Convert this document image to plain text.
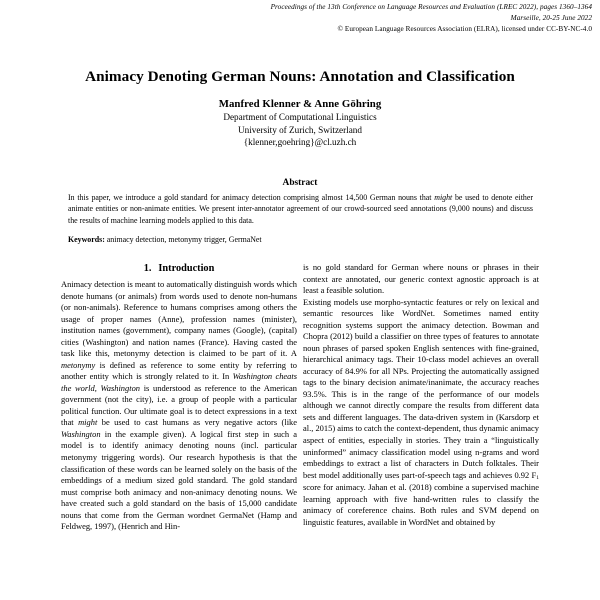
Proceedings of the 13th Conference on Language Resources and Evaluation (LREC 2022), pages 1360–1364
Marseille, 20-25 June 2022
© European Language Resources Association (ELRA), licensed under CC-BY-NC-4.0
Animacy Denoting German Nouns: Annotation and Classification
Manfred Klenner & Anne Göhring
Department of Computational Linguistics
University of Zurich, Switzerland
{klenner,goehring}@cl.uzh.ch
Abstract
In this paper, we introduce a gold standard for animacy detection comprising almost 14,500 German nouns that might be used to denote either animate entities or non-animate entities. We present inter-annotator agreement of our crowd-sourced seed annotations (9,000 nouns) and discuss the results of machine learning models applied to this data.
Keywords: animacy detection, metonymy trigger, GermaNet
1. Introduction

Animacy detection is meant to automatically distinguish words which denote humans (or animals) from words used to denote non-humans (or non-animals). Reference to humans comprises among others the usage of proper names (Anne), profession names (minister), institution names (government), company names (Google), (capital) cities (Washington) and nation names (France). Having casted the task like this, metonymy detection is claimed to be part of it. A metonymy is defined as reference to some entity by referring to another entity which is strongly related to it. In Washington cheats the world, Washington is understood as reference to the American government (not the city), i.e. a group of people with a particular political function. Our ultimate goal is to detect expressions in a text that might be used to cast humans as very negative actors (like Washington in the example given). A logical first step in such a model is to identify animacy denoting nouns (incl. particular metonymy triggering words). Our research hypothesis is that the classification of these words can be learned solely on the basis of the embeddings of a medium sized gold standard. The gold standard must comprise both animacy and non-animacy denoting nouns. We have created such a gold standard on the basis of 15,000 candidate nouns that come from the German wordnet GermaNet (Hamp and Feldweg, 1997), (Henrich and Hin-

is no gold standard for German where nouns or phrases in their context are annotated, our generic context agnostic approach is at least a feasible solution.

Existing models use morpho-syntactic features or rely on lexical and semantic resources like WordNet. Sometimes named entity recognition systems support the animacy detection. Bowman and Chopra (2012) build a classifier on three types of features to annotate noun phrases of parsed spoken English sentences with fine-grained, hierarchical animacy tags. Their 10-class model achieves an overall accuracy of 84.9% for all NPs. Projecting the automatically assigned tags to the binary decision animate/inanimate, the accuracy reaches 93.5%. This is in the range of the performance of our models although we cannot directly compare the results from different data sets and different languages. The data-driven system in (Karsdorp et al., 2015) aims to catch the context-dependent, thus dynamic animacy aspect of entities, especially in stories. They train a “linguistically uninformed” animacy classification model using n-grams and word embeddings to extract a list of characters in Dutch folktales. Their best model additionally uses part-of-speech tags and achieves 0.92 $F_1$ score for animacy. Jahan et al. (2018) combine a supervised machine learning approach with five hand-written rules to classify the animacy of coreference chains. Both rules and SVM depend on linguistic features, available in WordNet and obtained by
